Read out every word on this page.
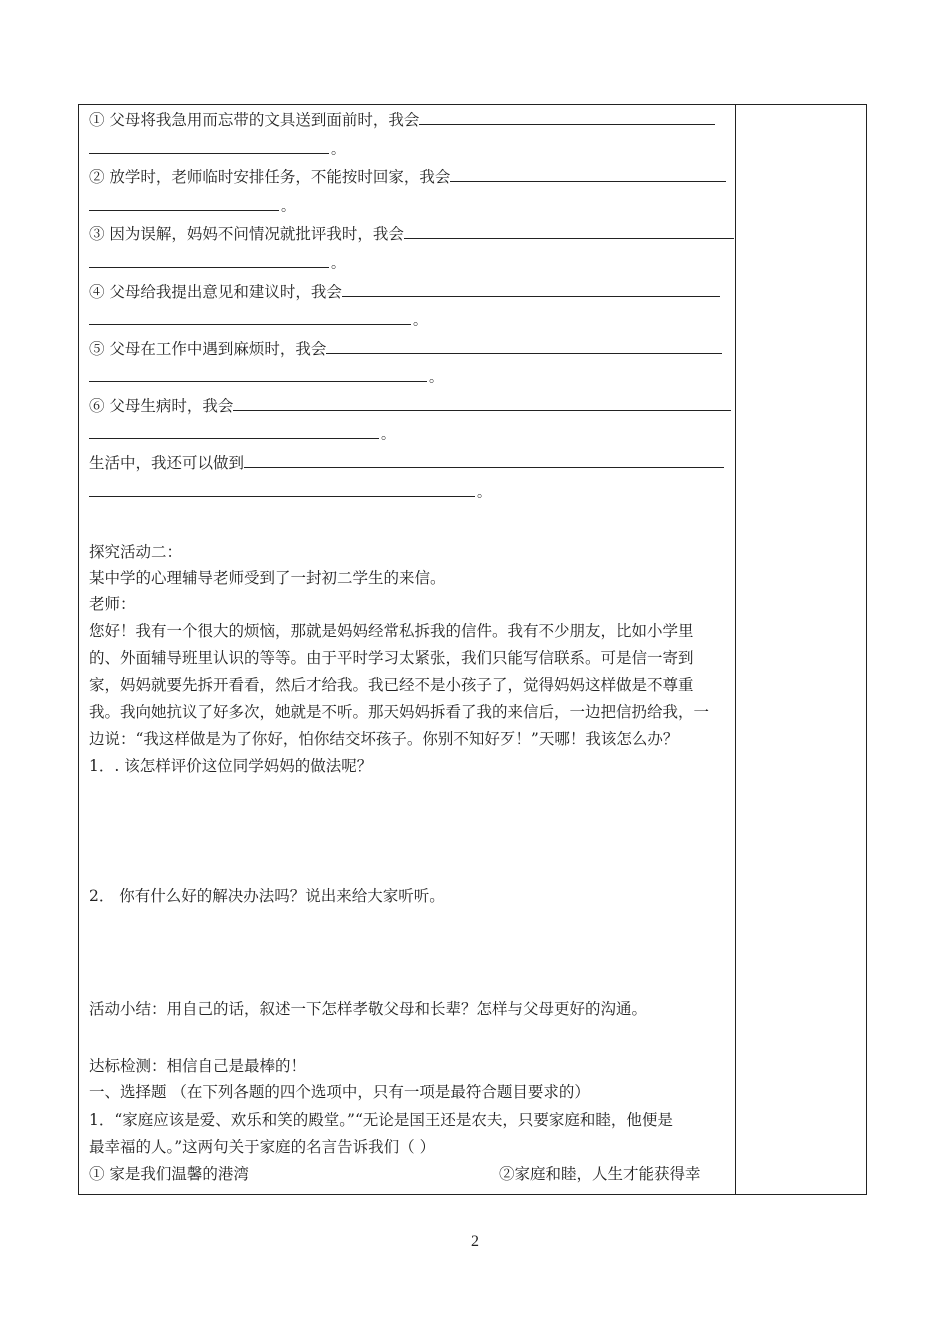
① 父母将我急用而忘带的文具送到面前时，我会
。
② 放学时，老师临时安排任务，不能按时回家，我会
。
③ 因为误解，妈妈不问情况就批评我时，我会
。
④ 父母给我提出意见和建议时，我会
。
⑤ 父母在工作中遇到麻烦时，我会
。
⑥ 父母生病时，我会
。
生活中，我还可以做到
。
探究活动二：
某中学的心理辅导老师受到了一封初二学生的来信。
老师：
您好！我有一个很大的烦恼，那就是妈妈经常私拆我的信件。我有不少朋友，比如小学里
的、外面辅导班里认识的等等。由于平时学习太紧张，我们只能写信联系。可是信一寄到
家，妈妈就要先拆开看看，然后才给我。我已经不是小孩子了，觉得妈妈这样做是不尊重
我。我向她抗议了好多次，她就是不听。那天妈妈拆看了我的来信后，一边把信扔给我，一
边说：“我这样做是为了你好，怕你结交坏孩子。你别不知好歹！”天哪！我该怎么办？
1．. 该怎样评价这位同学妈妈的做法呢？
2． 你有什么好的解决办法吗？说出来给大家听听。
活动小结：用自己的话，叙述一下怎样孝敬父母和长辈？怎样与父母更好的沟通。
达标检测：相信自己是最棒的！
一、选择题 （在下列各题的四个选项中，只有一项是最符合题目要求的）
1．“家庭应该是爱、欢乐和笑的殿堂。”“无论是国王还是农夫，只要家庭和睦，他便是
最幸福的人。”这两句关于家庭的名言告诉我们（ ）
① 家是我们温馨的港湾	②家庭和睦，人生才能获得幸
2
